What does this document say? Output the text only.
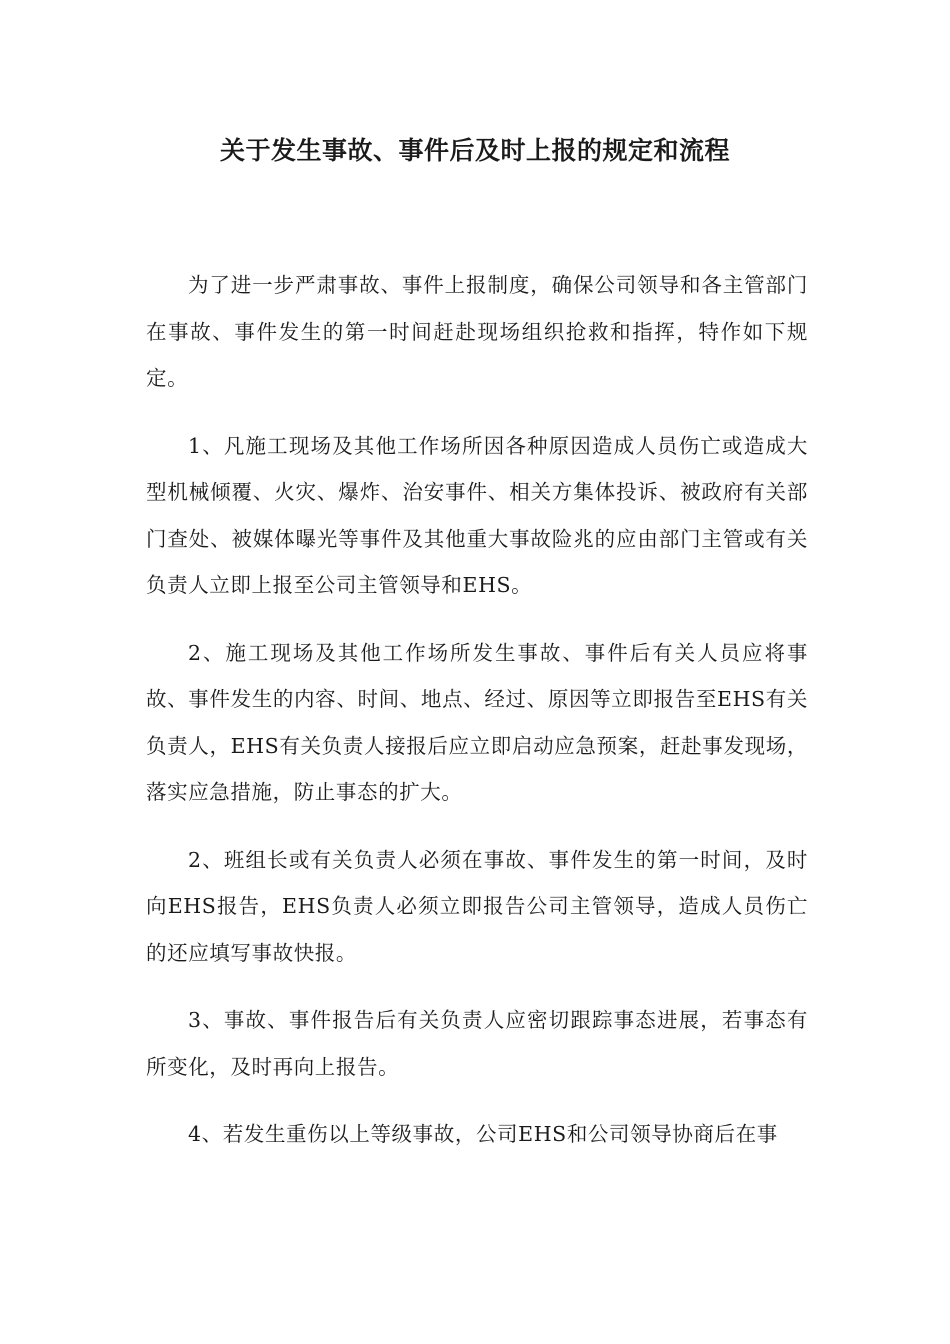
关于发生事故、事件后及时上报的规定和流程

为了进一步严肃事故、事件上报制度，确保公司领导和各主管部门在事故、事件发生的第一时间赶赴现场组织抢救和指挥，特作如下规定。

1、凡施工现场及其他工作场所因各种原因造成人员伤亡或造成大型机械倾覆、火灾、爆炸、治安事件、相关方集体投诉、被政府有关部门查处、被媒体曝光等事件及其他重大事故险兆的应由部门主管或有关负责人立即上报至公司主管领导和EHS。

2、施工现场及其他工作场所发生事故、事件后有关人员应将事故、事件发生的内容、时间、地点、经过、原因等立即报告至EHS有关负责人，EHS有关负责人接报后应立即启动应急预案，赶赴事发现场，落实应急措施，防止事态的扩大。

2、班组长或有关负责人必须在事故、事件发生的第一时间，及时向EHS报告，EHS负责人必须立即报告公司主管领导，造成人员伤亡的还应填写事故快报。

3、事故、事件报告后有关负责人应密切跟踪事态进展，若事态有所变化，及时再向上报告。

4、若发生重伤以上等级事故，公司EHS和公司领导协商后在事
